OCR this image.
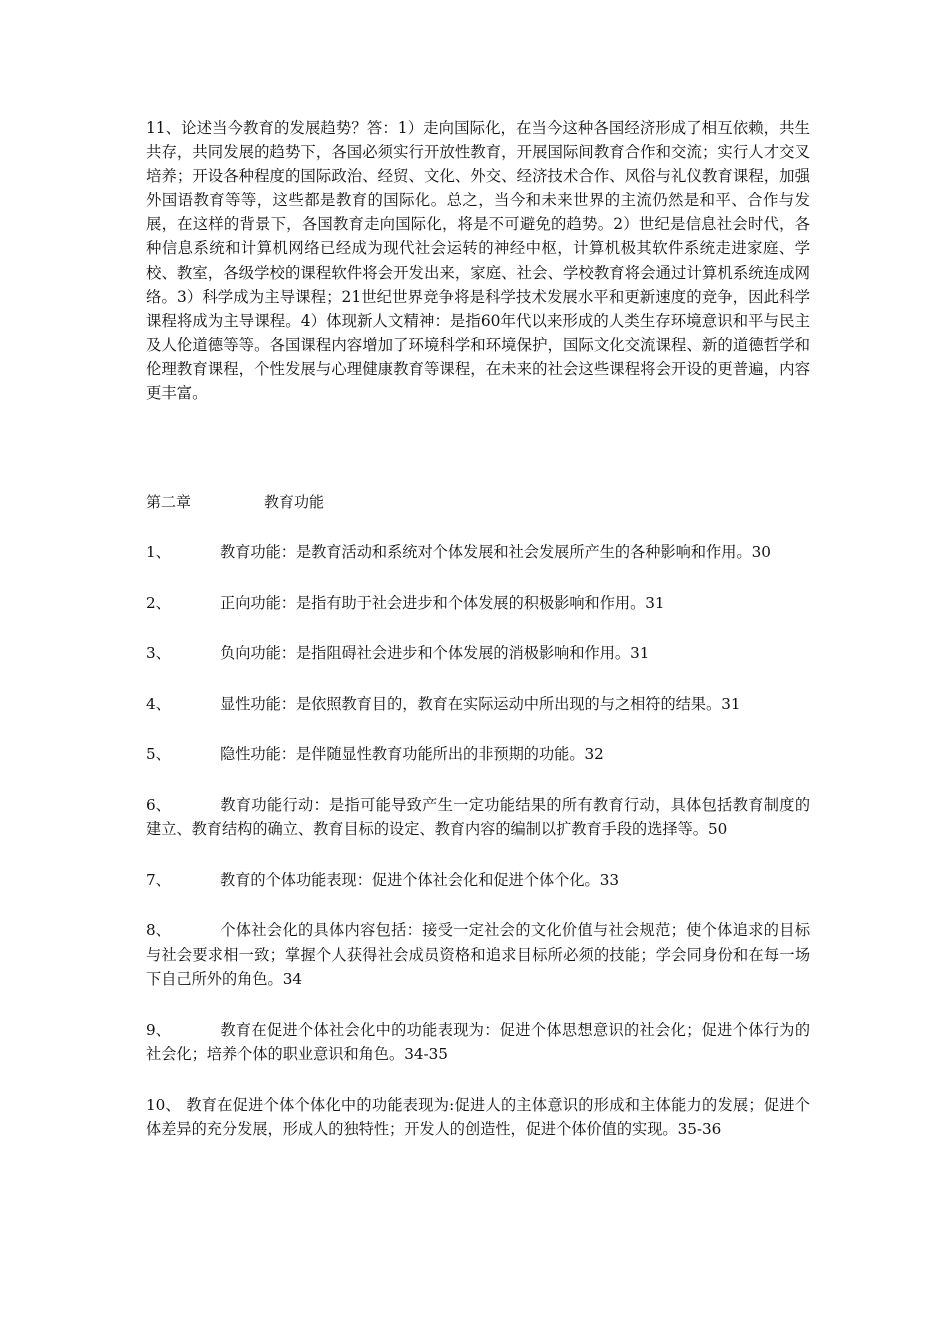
11、论述当今教育的发展趋势？答：1）走向国际化，在当今这种各国经济形成了相互依赖，共生共存，共同发展的趋势下，各国必须实行开放性教育，开展国际间教育合作和交流；实行人才交叉培养；开设各种程度的国际政治、经贸、文化、外交、经济技术合作、风俗与礼仪教育课程，加强外国语教育等等，这些都是教育的国际化。总之，当今和未来世界的主流仍然是和平、合作与发展，在这样的背景下，各国教育走向国际化，将是不可避免的趋势。2）世纪是信息社会时代，各种信息系统和计算机网络已经成为现代社会运转的神经中枢，计算机极其软件系统走进家庭、学校、教室，各级学校的课程软件将会开发出来，家庭、社会、学校教育将会通过计算机系统连成网络。3）科学成为主导课程；21世纪世界竞争将是科学技术发展水平和更新速度的竞争，因此科学课程将成为主导课程。4）体现新人文精神：是指60年代以来形成的人类生存环境意识和平与民主及人伦道德等等。各国课程内容增加了环境科学和环境保护，国际文化交流课程、新的道德哲学和伦理教育课程，个性发展与心理健康教育等课程，在未来的社会这些课程将会开设的更普遍，内容更丰富。

第二章	教育功能

1、	教育功能：是教育活动和系统对个体发展和社会发展所产生的各种影响和作用。30

2、	正向功能：是指有助于社会进步和个体发展的积极影响和作用。31

3、	负向功能：是指阻碍社会进步和个体发展的消极影响和作用。31

4、	显性功能：是依照教育目的，教育在实际运动中所出现的与之相符的结果。31

5、	隐性功能：是伴随显性教育功能所出的非预期的功能。32

6、	教育功能行动：是指可能导致产生一定功能结果的所有教育行动，具体包括教育制度的建立、教育结构的确立、教育目标的设定、教育内容的编制以扩教育手段的选择等。50

7、	教育的个体功能表现：促进个体社会化和促进个体个化。33

8、	个体社会化的具体内容包括：接受一定社会的文化价值与社会规范；使个体追求的目标与社会要求相一致；掌握个人获得社会成员资格和追求目标所必须的技能；学会同身份和在每一场下自己所外的角色。34

9、	教育在促进个体社会化中的功能表现为：促进个体思想意识的社会化；促进个体行为的社会化；培养个体的职业意识和角色。34-35

10、 教育在促进个体个体化中的功能表现为:促进人的主体意识的形成和主体能力的发展；促进个体差异的充分发展，形成人的独特性；开发人的创造性，促进个体价值的实现。35-36
